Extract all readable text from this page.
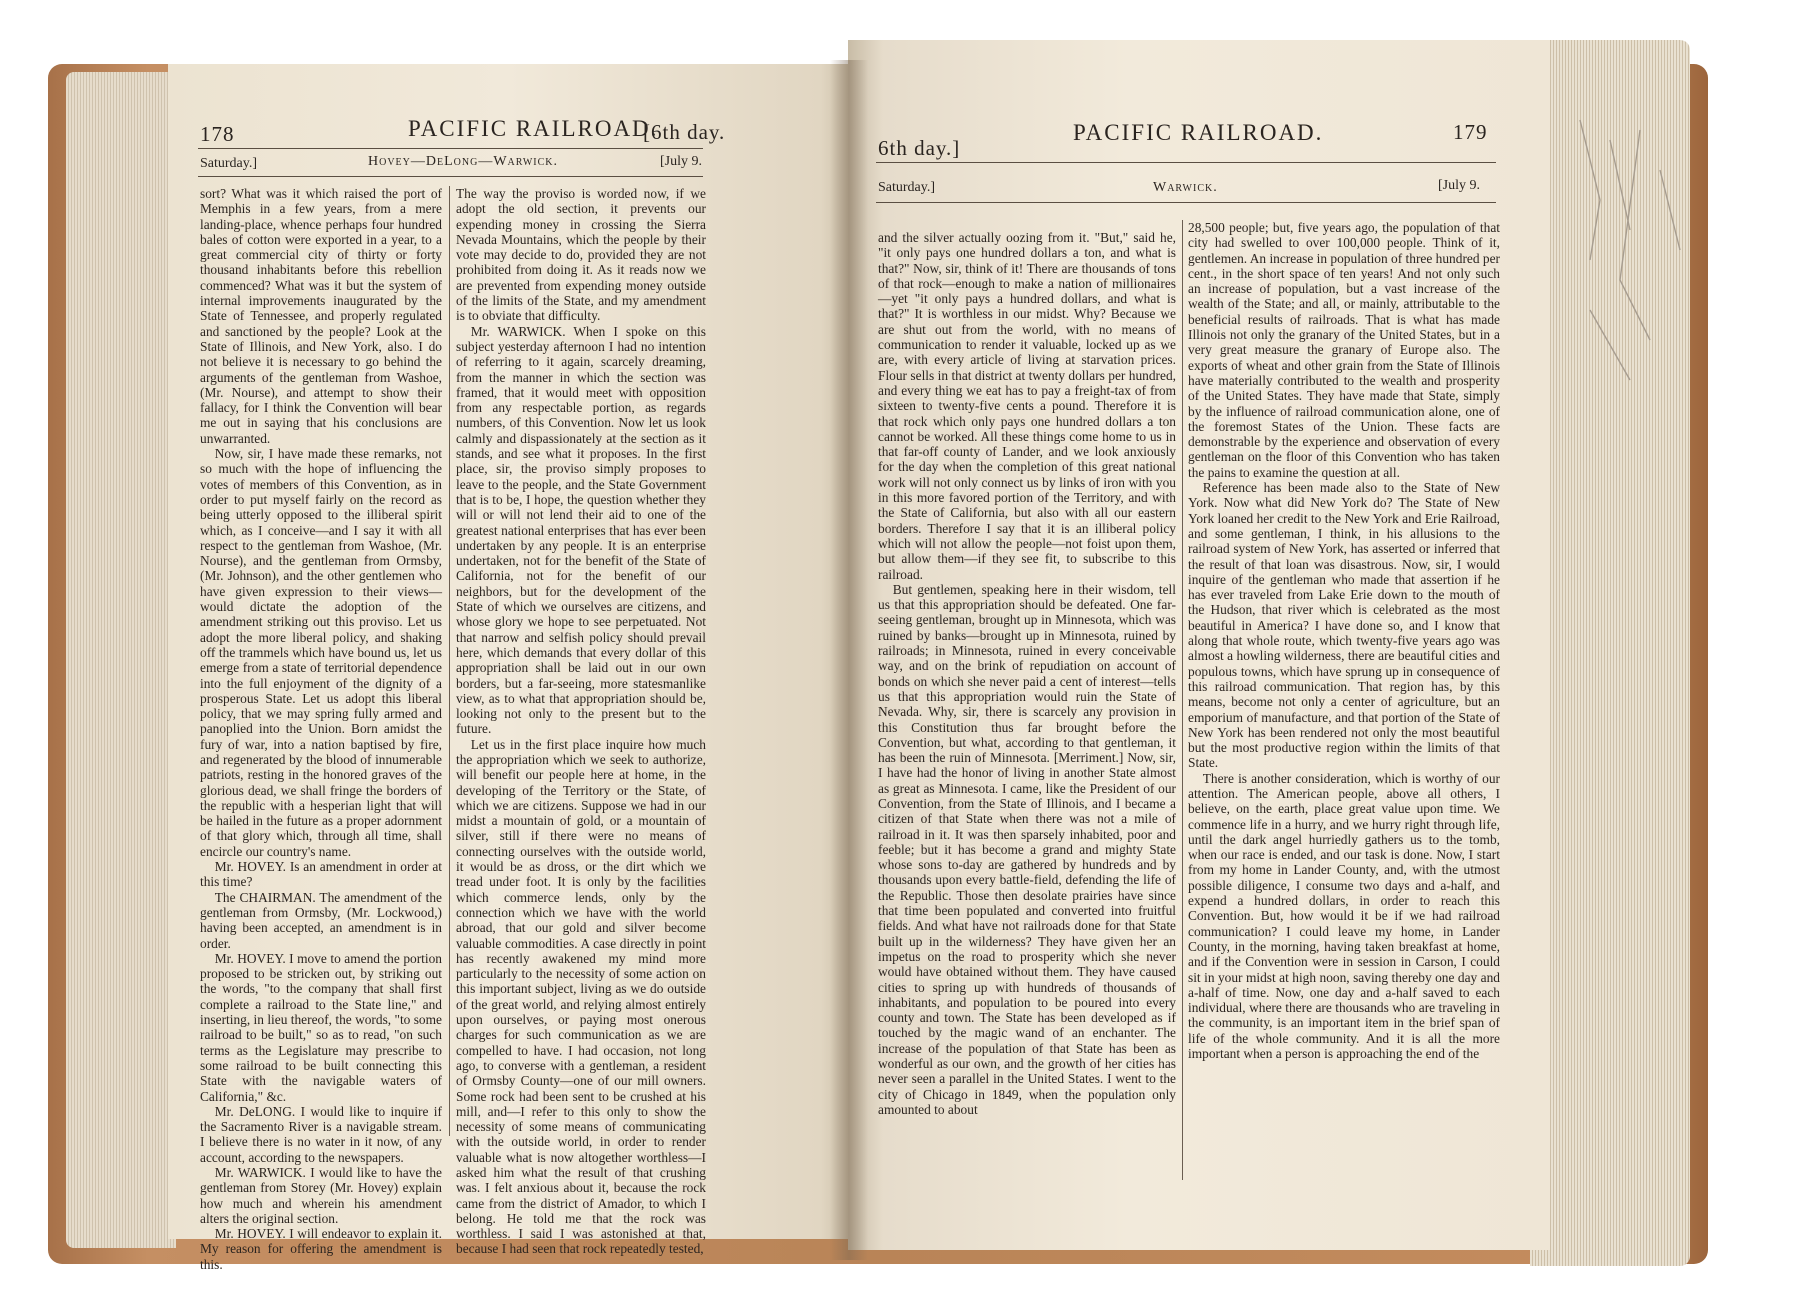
178	PACIFIC RAILROAD.
[6th day.
Saturday.]	Hovey—DeLong—Warwick.	[July 9.

sort? What was it which raised the port of Memphis in a few years, from a mere landing-place, whence perhaps four hundred bales of cotton were exported in a year, to a great commercial city of thirty or forty thousand inhabitants before this rebellion commenced? What was it but the system of internal improvements inaugurated by the State of Tennessee, and properly regulated and sanctioned by the people? Look at the State of Illinois, and New York, also. I do not believe it is necessary to go behind the arguments of the gentleman from Washoe, (Mr. Nourse), and attempt to show their fallacy, for I think the Convention will bear me out in saying that his conclusions are unwarranted.

Now, sir, I have made these remarks, not so much with the hope of influencing the votes of members of this Convention, as in order to put myself fairly on the record as being utterly opposed to the illiberal spirit which, as I conceive—and I say it with all respect to the gentleman from Washoe, (Mr. Nourse), and the gentleman from Ormsby, (Mr. Johnson), and the other gentlemen who have given expression to their views—would dictate the adoption of the amendment striking out this proviso. Let us adopt the more liberal policy, and shaking off the trammels which have bound us, let us emerge from a state of territorial dependence into the full enjoyment of the dignity of a prosperous State. Let us adopt this liberal policy, that we may spring fully armed and panoplied into the Union. Born amidst the fury of war, into a nation baptised by fire, and regenerated by the blood of innumerable patriots, resting in the honored graves of the glorious dead, we shall fringe the borders of the republic with a hesperian light that will be hailed in the future as a proper adornment of that glory which, through all time, shall encircle our country's name.

Mr. HOVEY. Is an amendment in order at this time?

The CHAIRMAN. The amendment of the gentleman from Ormsby, (Mr. Lockwood,) having been accepted, an amendment is in order.

Mr. HOVEY. I move to amend the portion proposed to be stricken out, by striking out the words, "to the company that shall first complete a railroad to the State line," and inserting, in lieu thereof, the words, "to some railroad to be built," so as to read, "on such terms as the Legislature may prescribe to some railroad to be built connecting this State with the navigable waters of California," &c.

Mr. DeLONG. I would like to inquire if the Sacramento River is a navigable stream. I believe there is no water in it now, of any account, according to the newspapers.

Mr. WARWICK. I would like to have the gentleman from Storey (Mr. Hovey) explain how much and wherein his amendment alters the original section.

Mr. HOVEY. I will endeavor to explain it. My reason for offering the amendment is this.

The way the proviso is worded now, if we adopt the old section, it prevents our expending money in crossing the Sierra Nevada Mountains, which the people by their vote may decide to do, provided they are not prohibited from doing it. As it reads now we are prevented from expending money outside of the limits of the State, and my amendment is to obviate that difficulty.

Mr. WARWICK. When I spoke on this subject yesterday afternoon I had no intention of referring to it again, scarcely dreaming, from the manner in which the section was framed, that it would meet with opposition from any respectable portion, as regards numbers, of this Convention. Now let us look calmly and dispassionately at the section as it stands, and see what it proposes. In the first place, sir, the proviso simply proposes to leave to the people, and the State Government that is to be, I hope, the question whether they will or will not lend their aid to one of the greatest national enterprises that has ever been undertaken by any people. It is an enterprise undertaken, not for the benefit of the State of California, not for the benefit of our neighbors, but for the development of the State of which we ourselves are citizens, and whose glory we hope to see perpetuated. Not that narrow and selfish policy should prevail here, which demands that every dollar of this appropriation shall be laid out in our own borders, but a far-seeing, more statesmanlike view, as to what that appropriation should be, looking not only to the present but to the future.

Let us in the first place inquire how much the appropriation which we seek to authorize, will benefit our people here at home, in the developing of the Territory or the State, of which we are citizens. Suppose we had in our midst a mountain of gold, or a mountain of silver, still if there were no means of connecting ourselves with the outside world, it would be as dross, or the dirt which we tread under foot. It is only by the facilities which commerce lends, only by the connection which we have with the world abroad, that our gold and silver become valuable commodities. A case directly in point has recently awakened my mind more particularly to the necessity of some action on this important subject, living as we do outside of the great world, and relying almost entirely upon ourselves, or paying most onerous charges for such communication as we are compelled to have. I had occasion, not long ago, to converse with a gentleman, a resident of Ormsby County—one of our mill owners. Some rock had been sent to be crushed at his mill, and—I refer to this only to show the necessity of some means of communicating with the outside world, in order to render valuable what is now altogether worthless—I asked him what the result of that crushing was. I felt anxious about it, because the rock came from the district of Amador, to which I belong. He told me that the rock was worthless. I said I was astonished at that, because I had seen that rock repeatedly tested,

6th day.]
PACIFIC RAILROAD.	179
Saturday.]	Warwick.	[July 9.

and the silver actually oozing from it. "But," said he, "it only pays one hundred dollars a ton, and what is that?" Now, sir, think of it! There are thousands of tons of that rock—enough to make a nation of millionaires—yet "it only pays a hundred dollars, and what is that?" It is worthless in our midst. Why? Because we are shut out from the world, with no means of communication to render it valuable, locked up as we are, with every article of living at starvation prices. Flour sells in that district at twenty dollars per hundred, and every thing we eat has to pay a freight-tax of from sixteen to twenty-five cents a pound. Therefore it is that rock which only pays one hundred dollars a ton cannot be worked. All these things come home to us in that far-off county of Lander, and we look anxiously for the day when the completion of this great national work will not only connect us by links of iron with you in this more favored portion of the Territory, and with the State of California, but also with all our eastern borders. Therefore I say that it is an illiberal policy which will not allow the people—not foist upon them, but allow them—if they see fit, to subscribe to this railroad.

But gentlemen, speaking here in their wisdom, tell us that this appropriation should be defeated. One far-seeing gentleman, brought up in Minnesota, which was ruined by banks—brought up in Minnesota, ruined by railroads; in Minnesota, ruined in every conceivable way, and on the brink of repudiation on account of bonds on which she never paid a cent of interest—tells us that this appropriation would ruin the State of Nevada. Why, sir, there is scarcely any provision in this Constitution thus far brought before the Convention, but what, according to that gentleman, it has been the ruin of Minnesota. [Merriment.] Now, sir, I have had the honor of living in another State almost as great as Minnesota. I came, like the President of our Convention, from the State of Illinois, and I became a citizen of that State when there was not a mile of railroad in it. It was then sparsely inhabited, poor and feeble; but it has become a grand and mighty State whose sons to-day are gathered by hundreds and by thousands upon every battle-field, defending the life of the Republic. Those then desolate prairies have since that time been populated and converted into fruitful fields. And what have not railroads done for that State built up in the wilderness? They have given her an impetus on the road to prosperity which she never would have obtained without them. They have caused cities to spring up with hundreds of thousands of inhabitants, and population to be poured into every county and town. The State has been developed as if touched by the magic wand of an enchanter. The increase of the population of that State has been as wonderful as our own, and the growth of her cities has never seen a parallel in the United States. I went to the city of Chicago in 1849, when the population only amounted to about

28,500 people; but, five years ago, the population of that city had swelled to over 100,000 people. Think of it, gentlemen. An increase in population of three hundred per cent., in the short space of ten years! And not only such an increase of population, but a vast increase of the wealth of the State; and all, or mainly, attributable to the beneficial results of railroads. That is what has made Illinois not only the granary of the United States, but in a very great measure the granary of Europe also. The exports of wheat and other grain from the State of Illinois have materially contributed to the wealth and prosperity of the United States. They have made that State, simply by the influence of railroad communication alone, one of the foremost States of the Union. These facts are demonstrable by the experience and observation of every gentleman on the floor of this Convention who has taken the pains to examine the question at all.

Reference has been made also to the State of New York. Now what did New York do? The State of New York loaned her credit to the New York and Erie Railroad, and some gentleman, I think, in his allusions to the railroad system of New York, has asserted or inferred that the result of that loan was disastrous. Now, sir, I would inquire of the gentleman who made that assertion if he has ever traveled from Lake Erie down to the mouth of the Hudson, that river which is celebrated as the most beautiful in America? I have done so, and I know that along that whole route, which twenty-five years ago was almost a howling wilderness, there are beautiful cities and populous towns, which have sprung up in consequence of this railroad communication. That region has, by this means, become not only a center of agriculture, but an emporium of manufacture, and that portion of the State of New York has been rendered not only the most beautiful but the most productive region within the limits of that State.

There is another consideration, which is worthy of our attention. The American people, above all others, I believe, on the earth, place great value upon time. We commence life in a hurry, and we hurry right through life, until the dark angel hurriedly gathers us to the tomb, when our race is ended, and our task is done. Now, I start from my home in Lander County, and, with the utmost possible diligence, I consume two days and a-half, and expend a hundred dollars, in order to reach this Convention. But, how would it be if we had railroad communication? I could leave my home, in Lander County, in the morning, having taken breakfast at home, and if the Convention were in session in Carson, I could sit in your midst at high noon, saving thereby one day and a-half of time. Now, one day and a-half saved to each individual, where there are thousands who are traveling in the community, is an important item in the brief span of life of the whole community. And it is all the more important when a person is approaching the end of the
